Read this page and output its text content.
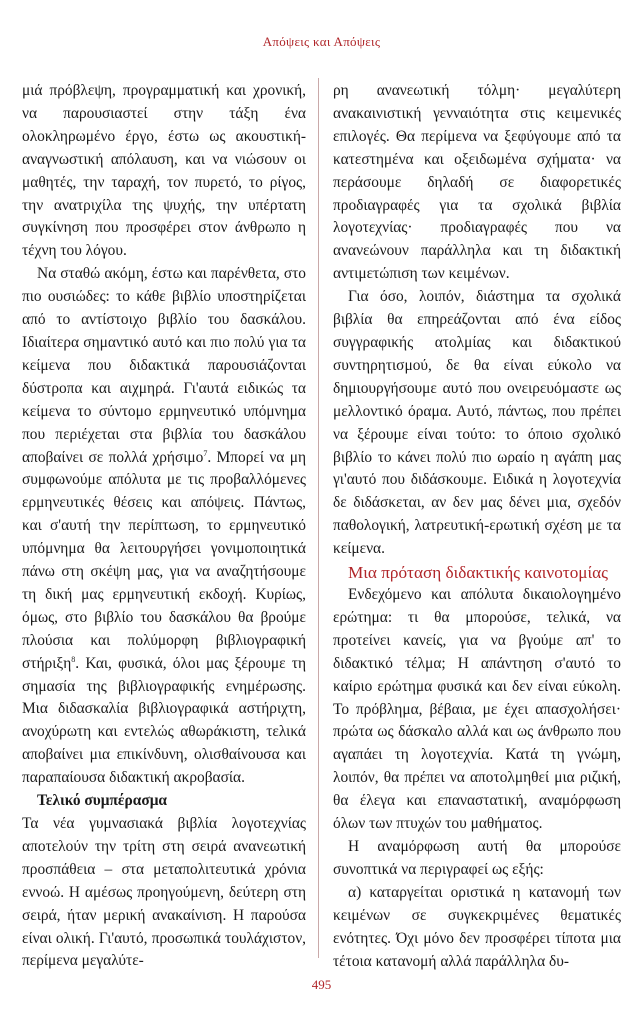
Απόψεις και Απόψεις

μιά πρόβλεψη, προγραμματική και χρονική, να παρουσιαστεί στην τάξη ένα ολοκληρωμένο έργο, έστω ως ακουστική-αναγνωστική απόλαυση, και να νιώσουν οι μαθητές, την ταραχή, τον πυρετό, το ρίγος, την ανατριχίλα της ψυχής, την υπέρτατη συγκίνηση που προσφέρει στον άνθρωπο η τέχνη του λόγου.

Να σταθώ ακόμη, έστω και παρένθετα, στο πιο ουσιώδες: το κάθε βιβλίο υποστηρίζεται από το αντίστοιχο βιβλίο του δασκάλου. Ιδιαίτερα σημαντικό αυτό και πιο πολύ για τα κείμενα που διδακτικά παρουσιάζονται δύστροπα και αιχμηρά. Γι'αυτά ειδικώς τα κείμενα το σύντομο ερμηνευτικό υπόμνημα που περιέχεται στα βιβλία του δασκάλου αποβαίνει σε πολλά χρήσιμο$^7$. Μπορεί να μη συμφωνούμε απόλυτα με τις προβαλλόμενες ερμηνευτικές θέσεις και απόψεις. Πάντως, και σ'αυτή την περίπτωση, το ερμηνευτικό υπόμνημα θα λειτουργήσει γονιμοποιητικά πάνω στη σκέψη μας, για να αναζητήσουμε τη δική μας ερμηνευτική εκδοχή. Κυρίως, όμως, στο βιβλίο του δασκάλου θα βρούμε πλούσια και πολύμορφη βιβλιογραφική στήριξη$^8$. Και, φυσικά, όλοι μας ξέρουμε τη σημασία της βιβλιογραφικής ενημέρωσης. Μια διδασκαλία βιβλιογραφικά αστήριχτη, ανοχύρωτη και εντελώς αθωράκιστη, τελικά αποβαίνει μια επικίνδυνη, ολισθαίνουσα και παραπαίουσα διδακτική ακροβασία.

Τελικό συμπέρασμα

Τα νέα γυμνασιακά βιβλία λογοτεχνίας αποτελούν την τρίτη στη σειρά ανανεωτική προσπάθεια – στα μεταπολιτευτικά χρόνια εννοώ. Η αμέσως προηγούμενη, δεύτερη στη σειρά, ήταν μερική ανακαίνιση. Η παρούσα είναι ολική. Γι'αυτό, προσωπικά τουλάχιστον, περίμενα μεγαλύτε-

ρη ανανεωτική τόλμη· μεγαλύτερη ανακαινιστική γενναιότητα στις κειμενικές επιλογές. Θα περίμενα να ξεφύγουμε από τα κατεστημένα και οξειδωμένα σχήματα· να περάσουμε δηλαδή σε διαφορετικές προδιαγραφές για τα σχολικά βιβλία λογοτεχνίας· προδιαγραφές που να ανανεώνουν παράλληλα και τη διδακτική αντιμετώπιση των κειμένων.

Για όσο, λοιπόν, διάστημα τα σχολικά βιβλία θα επηρεάζονται από ένα είδος συγγραφικής ατολμίας και διδακτικού συντηρητισμού, δε θα είναι εύκολο να δημιουργήσουμε αυτό που ονειρευόμαστε ως μελλοντικό όραμα. Αυτό, πάντως, που πρέπει να ξέρουμε είναι τούτο: το όποιο σχολικό βιβλίο το κάνει πολύ πιο ωραίο η αγάπη μας γι'αυτό που διδάσκουμε. Ειδικά η λογοτεχνία δε διδάσκεται, αν δεν μας δένει μια, σχεδόν παθολογική, λατρευτική-ερωτική σχέση με τα κείμενα.

Μια πρόταση διδακτικής καινοτομίας

Ενδεχόμενο και απόλυτα δικαιολογημένο ερώτημα: τι θα μπορούσε, τελικά, να προτείνει κανείς, για να βγούμε απ' το διδακτικό τέλμα; Η απάντηση σ'αυτό το καίριο ερώτημα φυσικά και δεν είναι εύκολη. Το πρόβλημα, βέβαια, με έχει απασχολήσει· πρώτα ως δάσκαλο αλλά και ως άνθρωπο που αγαπάει τη λογοτεχνία. Κατά τη γνώμη, λοιπόν, θα πρέπει να αποτολμηθεί μια ριζική, θα έλεγα και επαναστατική, αναμόρφωση όλων των πτυχών του μαθήματος.

Η αναμόρφωση αυτή θα μπορούσε συνοπτικά να περιγραφεί ως εξής:

α) καταργείται οριστικά η κατανομή των κειμένων σε συγκεκριμένες θεματικές ενότητες. Όχι μόνο δεν προσφέρει τίποτα μια τέτοια κατανομή αλλά παράλληλα δυ-

495
